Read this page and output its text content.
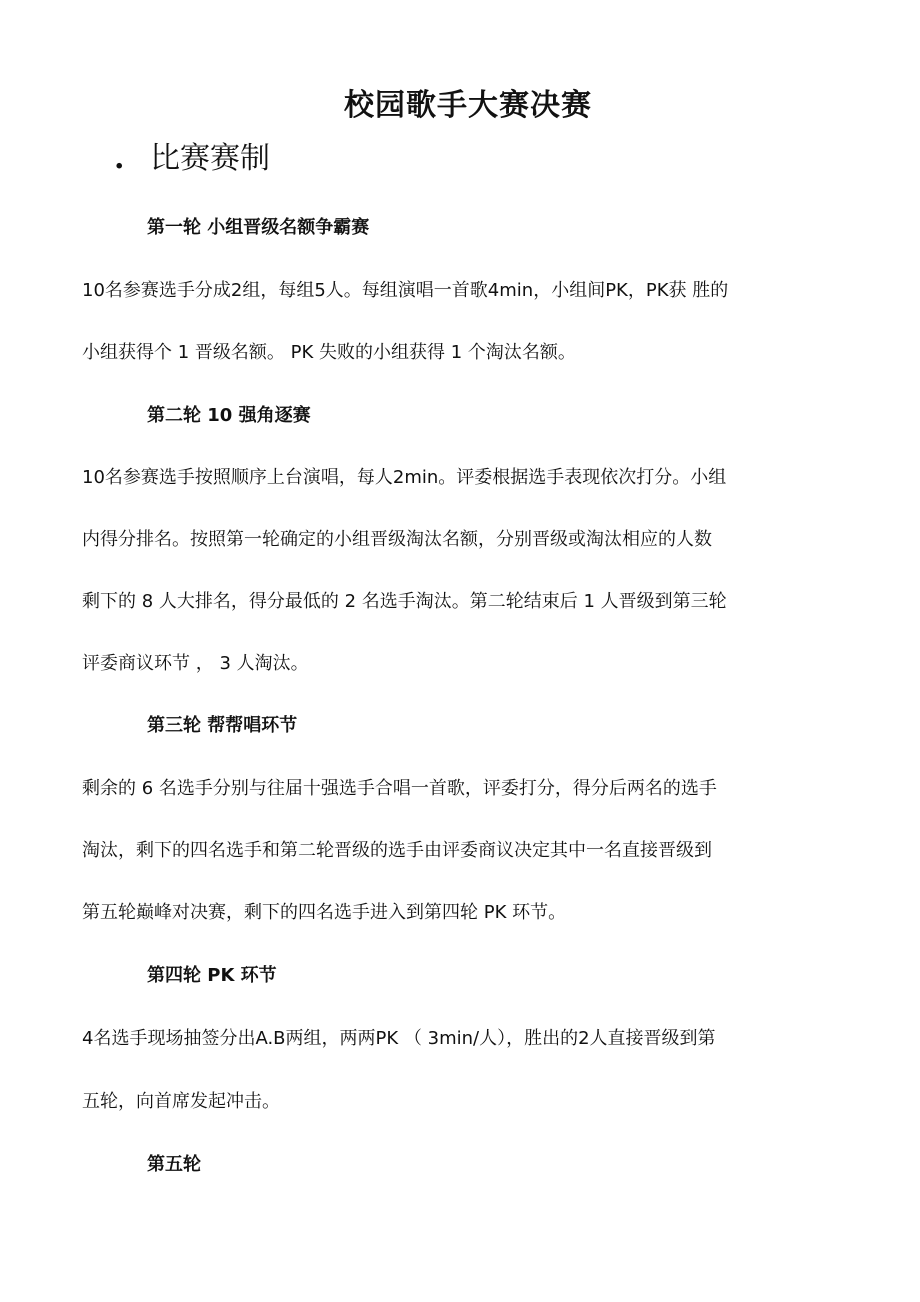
校园歌手大赛决赛
. 比赛赛制
第一轮 小组晋级名额争霸赛
10名参赛选手分成2组，每组5人。每组演唱一首歌4min，小组间PK，PK获 胜的
小组获得个 1 晋级名额。 PK 失败的小组获得 1 个淘汰名额。
第二轮 10 强角逐赛
10名参赛选手按照顺序上台演唱，每人2min。评委根据选手表现依次打分。小组
内得分排名。按照第一轮确定的小组晋级淘汰名额，分别晋级或淘汰相应的人数
剩下的 8 人大排名，得分最低的 2 名选手淘汰。第二轮结束后 1 人晋级到第三轮
评委商议环节 ， 3 人淘汰。
第三轮 帮帮唱环节
剩余的 6 名选手分别与往届十强选手合唱一首歌，评委打分，得分后两名的选手
淘汰，剩下的四名选手和第二轮晋级的选手由评委商议决定其中一名直接晋级到
第五轮巅峰对决赛，剩下的四名选手进入到第四轮 PK 环节。
第四轮 PK 环节
4名选手现场抽签分出A.B两组，两两PK （ 3min/人），胜出的2人直接晋级到第
五轮，向首席发起冲击。
第五轮
